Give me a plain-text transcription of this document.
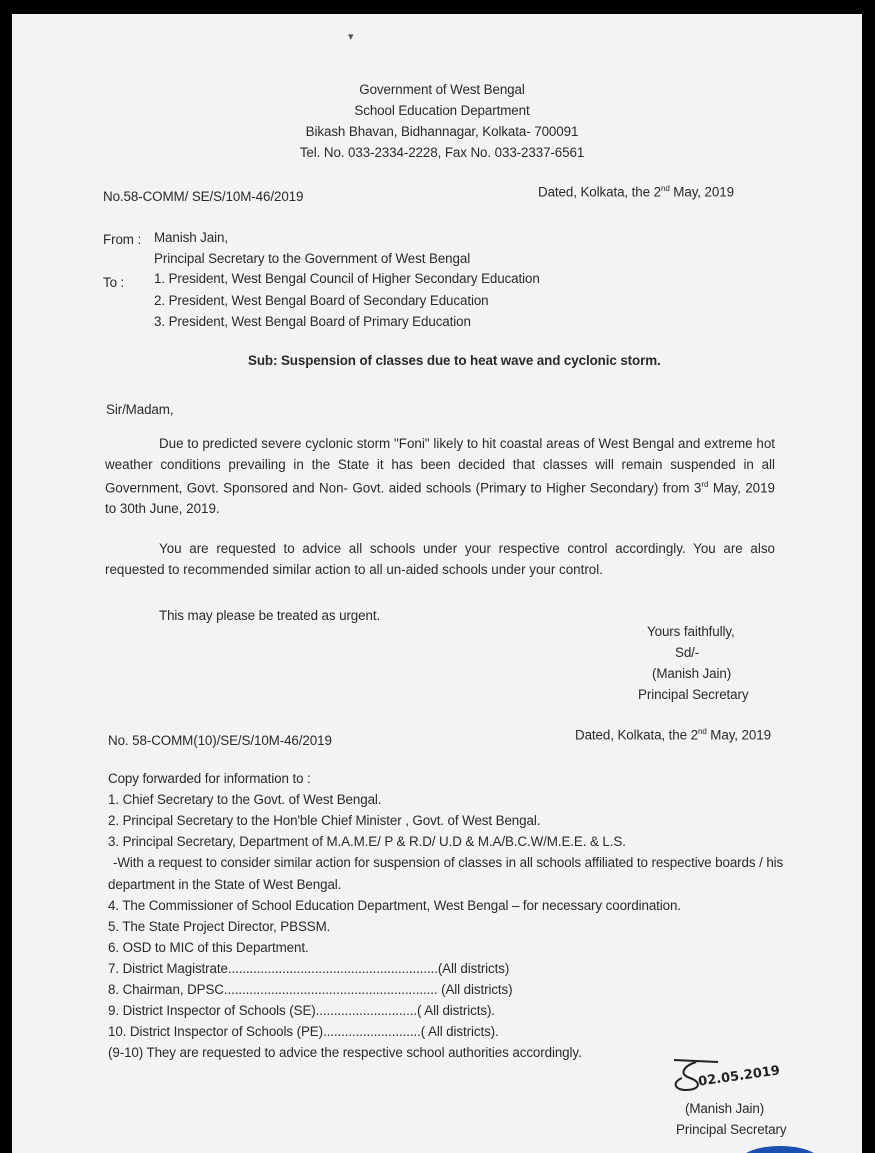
▾
Government of West Bengal
School Education Department
Bikash Bhavan, Bidhannagar, Kolkata- 700091
Tel. No. 033-2334-2228, Fax No. 033-2337-6561
No.58-COMM/ SE/S/10M-46/2019	Dated, Kolkata, the 2nd May, 2019
From : Manish Jain,
Principal Secretary to the Government of West Bengal
To : 1. President, West Bengal Council of Higher Secondary Education
2. President, West Bengal Board of Secondary Education
3. President, West Bengal Board of Primary Education
Sub: Suspension of classes due to heat wave and cyclonic storm.
Sir/Madam,
Due to predicted severe cyclonic storm "Foni" likely to hit coastal areas of West Bengal and extreme hot weather conditions prevailing in the State it has been decided that classes will remain suspended in all Government, Govt. Sponsored and Non- Govt. aided schools (Primary to Higher Secondary) from 3rd May, 2019 to 30th June, 2019.
You are requested to advice all schools under your respective control accordingly. You are also requested to recommended similar action to all un-aided schools under your control.
This may please be treated as urgent.
Yours faithfully,
Sd/-
(Manish Jain)
Principal Secretary
No. 58-COMM(10)/SE/S/10M-46/2019	Dated, Kolkata, the 2nd May, 2019
Copy forwarded for information to :
1. Chief Secretary to the Govt. of West Bengal.
2. Principal Secretary to the Hon'ble Chief Minister , Govt. of West Bengal.
3. Principal Secretary, Department of M.A.M.E/ P & R.D/ U.D & M.A/B.C.W/M.E.E. & L.S.
-With a request to consider similar action for suspension of classes in all schools affiliated to respective boards / his
department in the State of West Bengal.
4. The Commissioner of School Education Department, West Bengal – for necessary coordination.
5. The State Project Director, PBSSM.
6. OSD to MIC of this Department.
7. District Magistrate..........................................................(All districts)
8. Chairman, DPSC........................................................... (All districts)
9. District Inspector of Schools (SE)............................( All districts).
10. District Inspector of Schools (PE)...........................( All districts).
(9-10) They are requested to advice the respective school authorities accordingly.
02.05.2019
(Manish Jain)
Principal Secretary
